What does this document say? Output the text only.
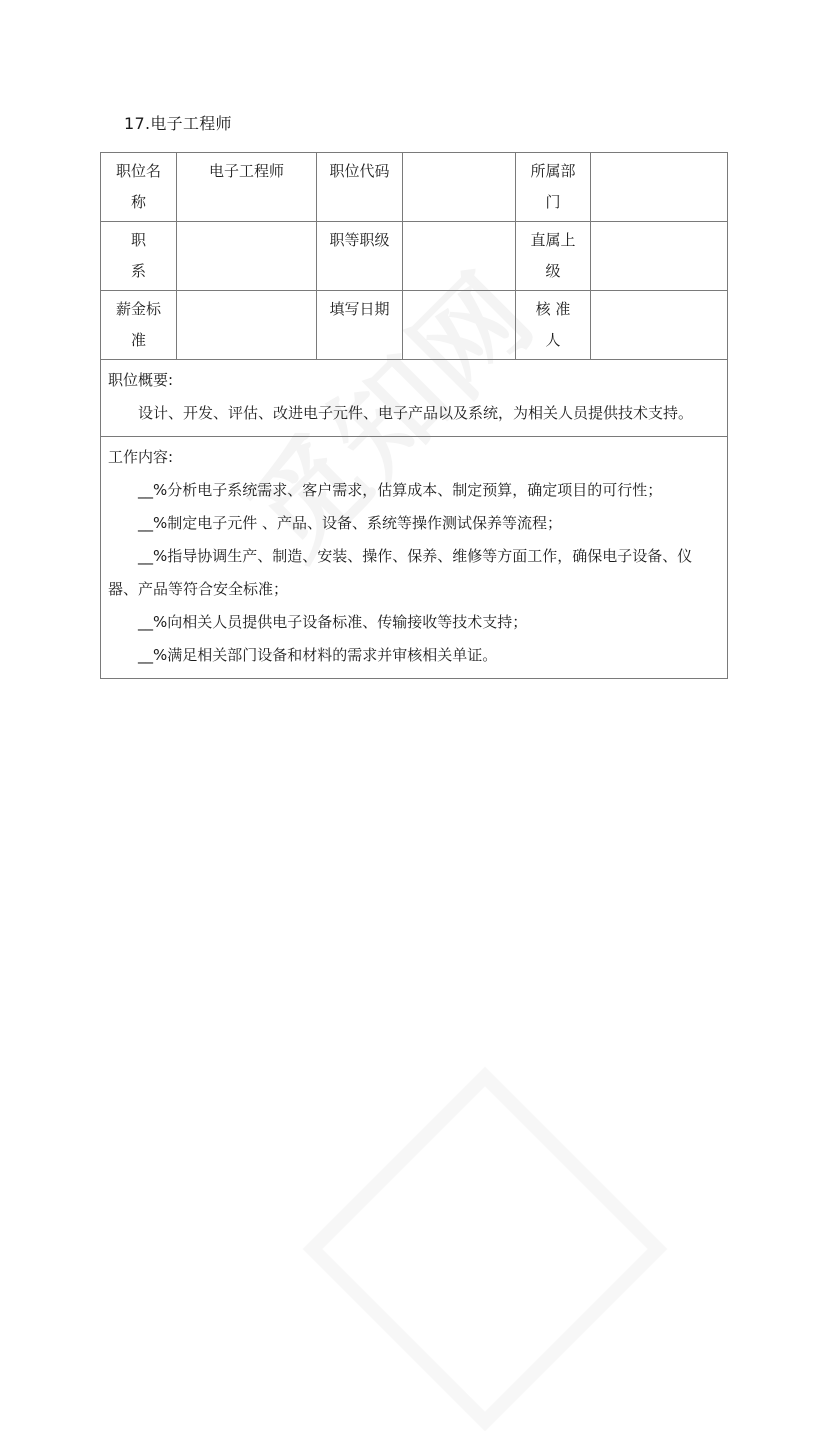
17.电子工程师
职位名称	电子工程师	职位代码		所属部门	
职系		职等职级		直属上级	
薪金标准		填写日期		核 准 人	

职位概要:
设计、开发、评估、改进电子元件、电子产品以及系统，为相关人员提供技术支持。					

工作内容:
__%分析电子系统需求、客户需求，估算成本、制定预算，确定项目的可行性；
__%制定电子元件 、产品、设备、系统等操作测试保养等流程；
__%指导协调生产、制造、安装、操作、保养、维修等方面工作，确保电子设备、仪器、产品等符合安全标准；
__%向相关人员提供电子设备标准、传输接收等技术支持；
__%满足相关部门设备和材料的需求并审核相关单证。
